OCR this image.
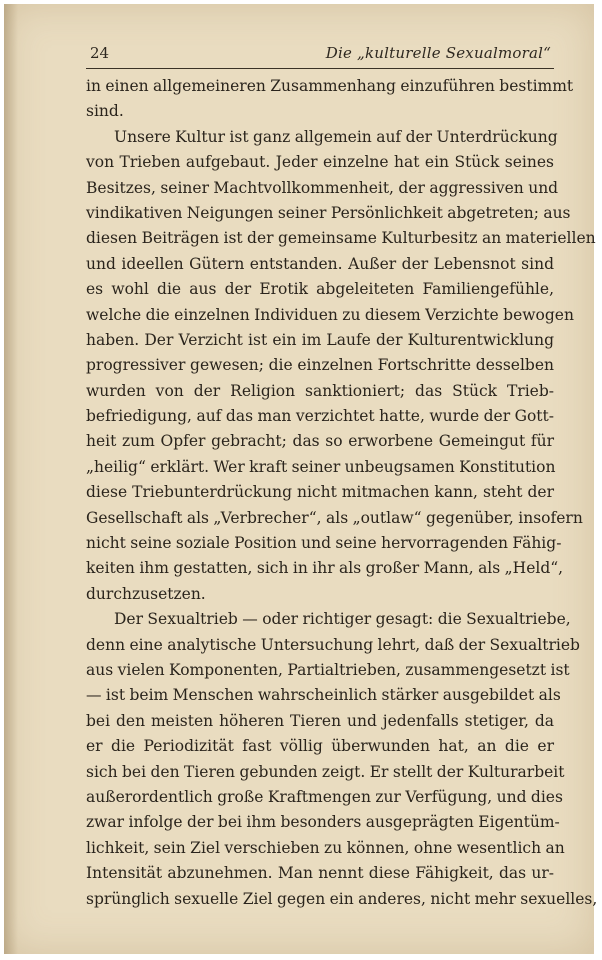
24	Die „kulturelle Sexualmoral“
in einen allgemeineren Zusammenhang einzuführen bestimmt
sind.
Unsere Kultur ist ganz allgemein auf der Unterdrückung
von Trieben aufgebaut. Jeder einzelne hat ein Stück seines
Besitzes, seiner Machtvollkommenheit, der aggressiven und
vindikativen Neigungen seiner Persönlichkeit abgetreten; aus
diesen Beiträgen ist der gemeinsame Kulturbesitz an materiellen
und ideellen Gütern entstanden. Außer der Lebensnot sind
es wohl die aus der Erotik abgeleiteten Familiengefühle,
welche die einzelnen Individuen zu diesem Verzichte bewogen
haben. Der Verzicht ist ein im Laufe der Kulturentwicklung
progressiver gewesen; die einzelnen Fortschritte desselben
wurden von der Religion sanktioniert; das Stück Trieb-
befriedigung, auf das man verzichtet hatte, wurde der Gott-
heit zum Opfer gebracht; das so erworbene Gemeingut für
„heilig“ erklärt. Wer kraft seiner unbeugsamen Konstitution
diese Triebunterdrückung nicht mitmachen kann, steht der
Gesellschaft als „Verbrecher“, als „outlaw“ gegenüber, insofern
nicht seine soziale Position und seine hervorragenden Fähig-
keiten ihm gestatten, sich in ihr als großer Mann, als „Held“,
durchzusetzen.
Der Sexualtrieb — oder richtiger gesagt: die Sexualtriebe,
denn eine analytische Untersuchung lehrt, daß der Sexualtrieb
aus vielen Komponenten, Partialtrieben, zusammengesetzt ist
— ist beim Menschen wahrscheinlich stärker ausgebildet als
bei den meisten höheren Tieren und jedenfalls stetiger, da
er die Periodizität fast völlig überwunden hat, an die er
sich bei den Tieren gebunden zeigt. Er stellt der Kulturarbeit
außerordentlich große Kraftmengen zur Verfügung, und dies
zwar infolge der bei ihm besonders ausgeprägten Eigentüm-
lichkeit, sein Ziel verschieben zu können, ohne wesentlich an
Intensität abzunehmen. Man nennt diese Fähigkeit, das ur-
sprünglich sexuelle Ziel gegen ein anderes, nicht mehr sexuelles,
